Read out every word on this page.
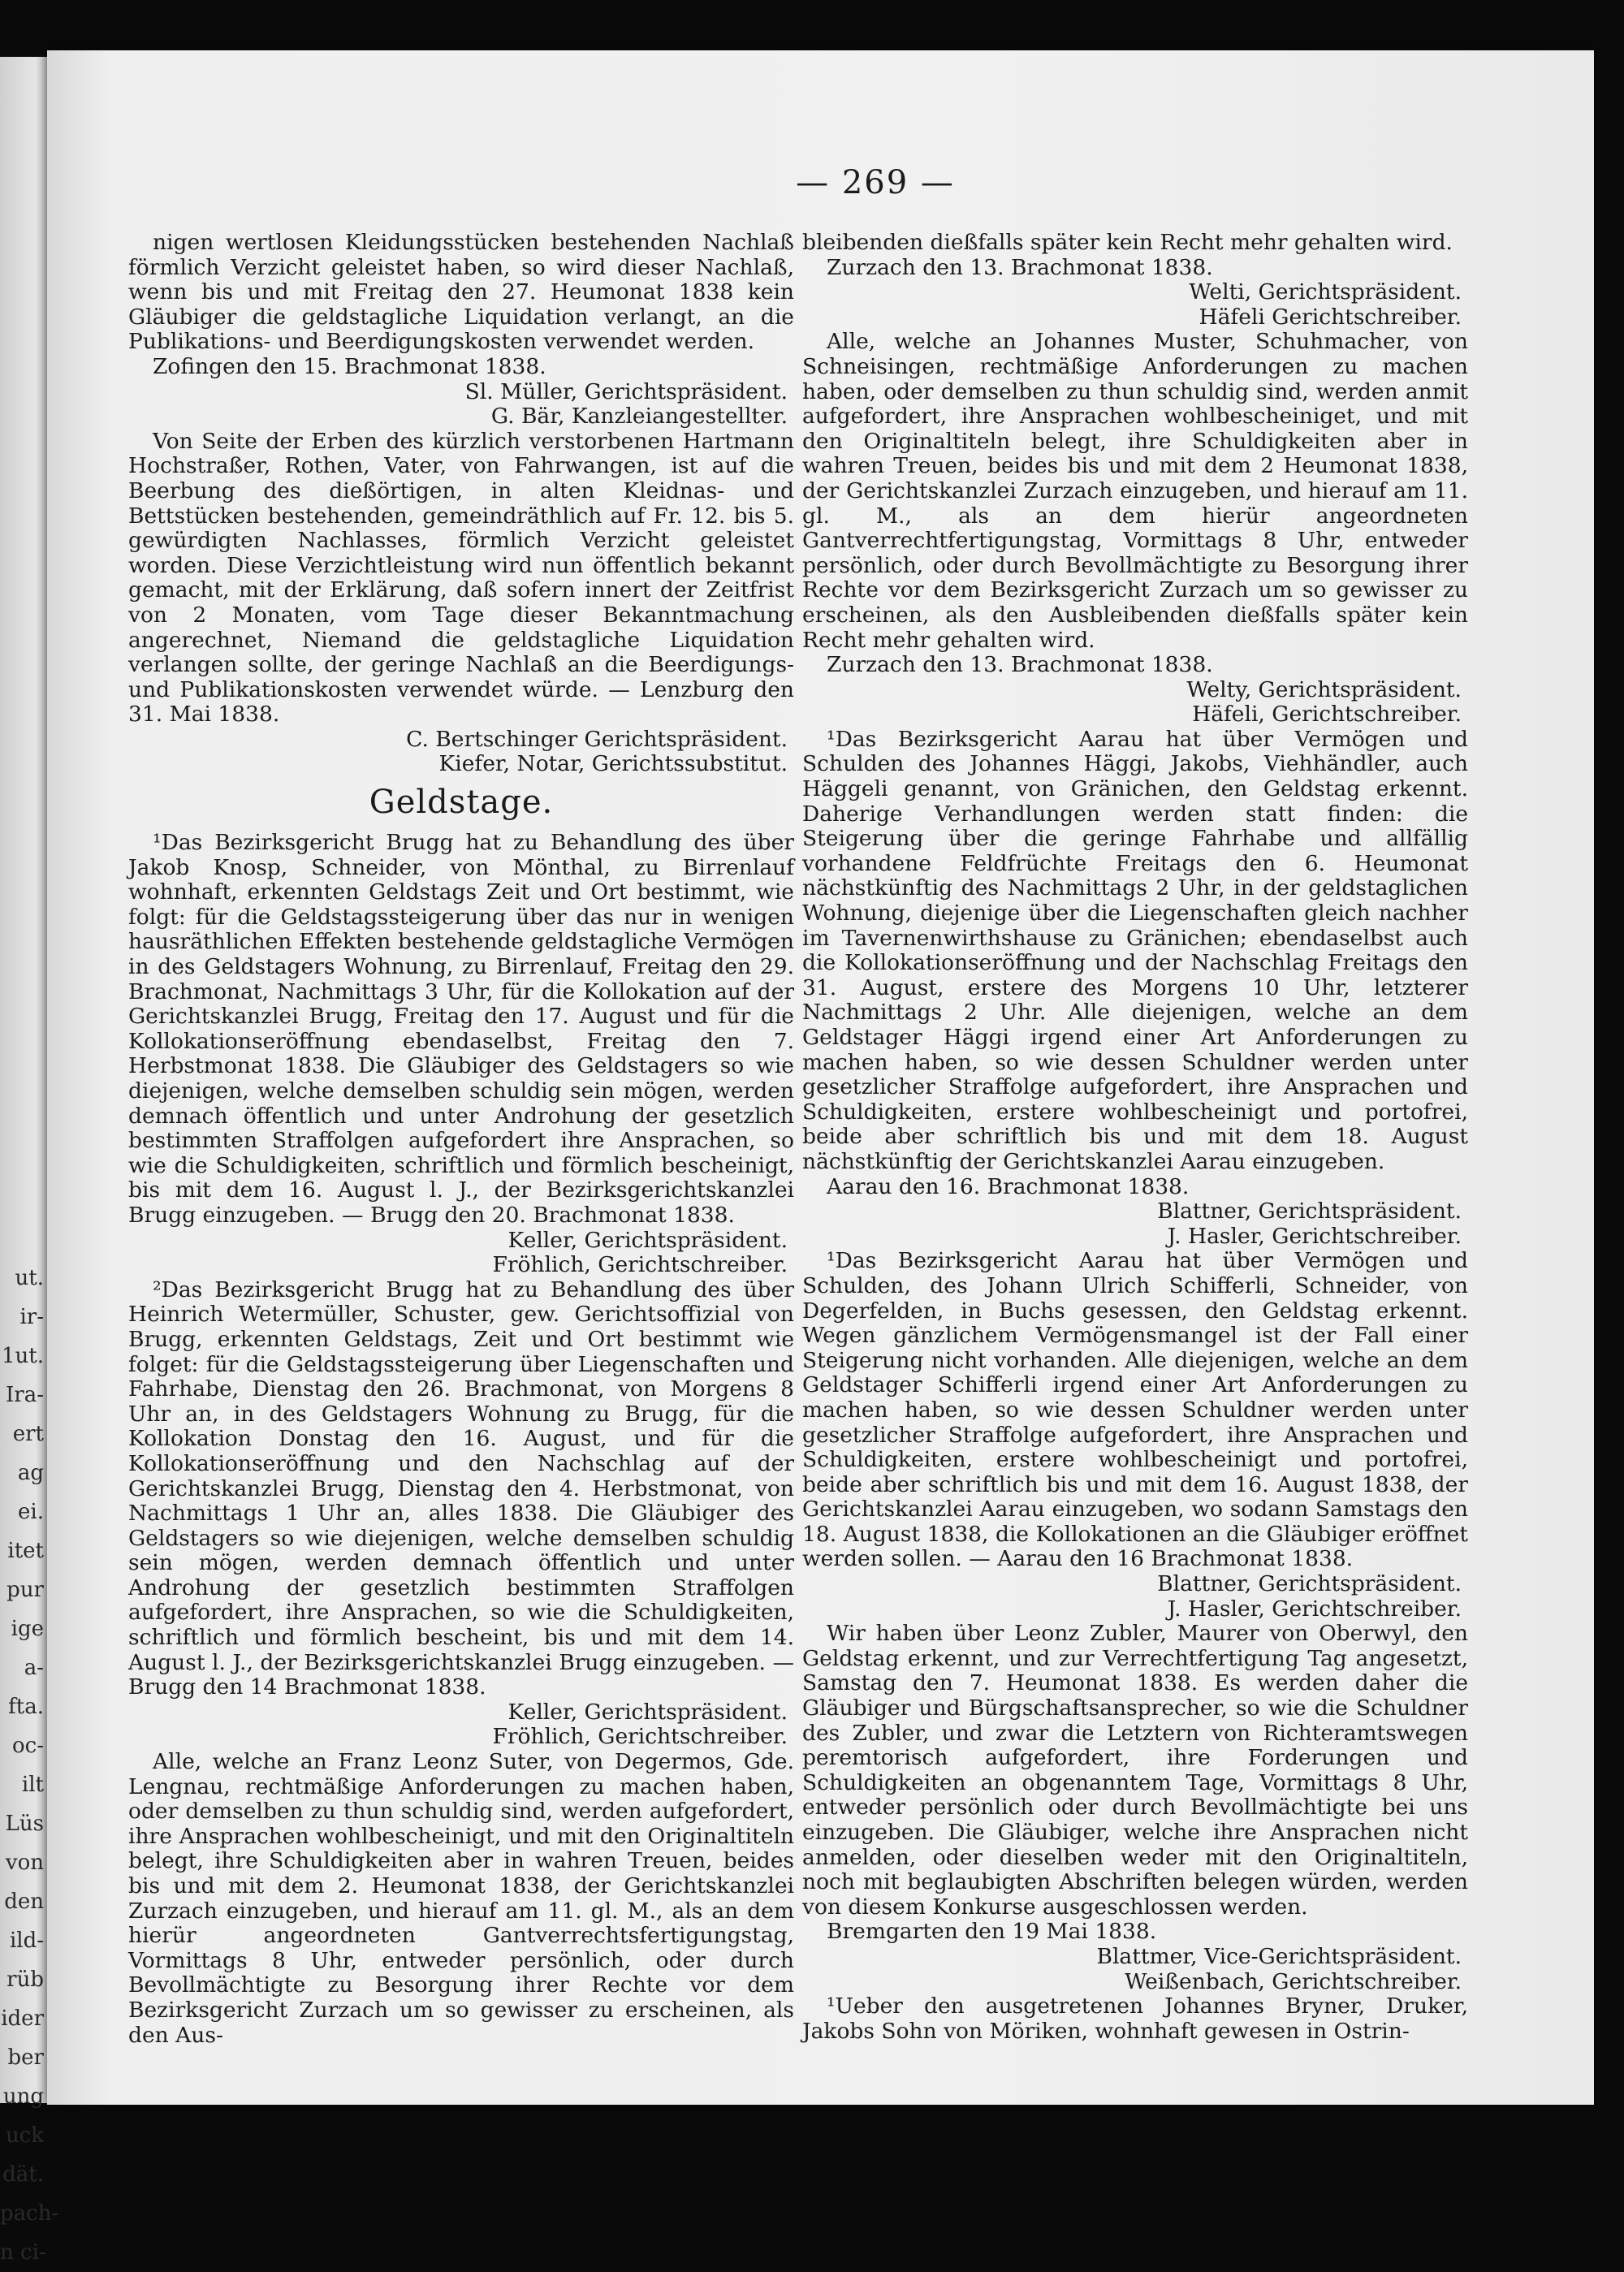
ut.
ir-
1ut.
Ira-
ert
ag
ei.
itet
pur
ige
a-
fta.
oc-
ilt
Lüs
von
den
ild-
rüb
ider
ber
ung
uck
dät.
pach-
n ci-
— 269 —

nigen wertlosen Kleidungsstücken bestehenden Nachlaß förmlich Verzicht geleistet haben, so wird dieser Nachlaß, wenn bis und mit Freitag den 27. Heumonat 1838 kein Gläubiger die geldstagliche Liquidation verlangt, an die Publikations- und Beerdigungskosten verwendet werden.

Zofingen den 15. Brachmonat 1838.

Sl. Müller, Gerichtspräsident.

G. Bär, Kanzleiangestellter.

Von Seite der Erben des kürzlich verstorbenen Hartmann Hochstraßer, Rothen, Vater, von Fahrwangen, ist auf die Beerbung des dießörtigen, in alten Kleidnas- und Bettstücken bestehenden, gemeindräthlich auf Fr. 12. bis 5. gewürdigten Nachlasses, förmlich Verzicht geleistet worden. Diese Verzichtleistung wird nun öffentlich bekannt gemacht, mit der Erklärung, daß sofern innert der Zeitfrist von 2 Monaten, vom Tage dieser Bekanntmachung angerechnet, Niemand die geldstagliche Liquidation verlangen sollte, der geringe Nachlaß an die Beerdigungs- und Publikationskosten verwendet würde. — Lenzburg den 31. Mai 1838.

C. Bertschinger Gerichtspräsident.

Kiefer, Notar, Gerichtssubstitut.

Geldstage.

¹Das Bezirksgericht Brugg hat zu Behandlung des über Jakob Knosp, Schneider, von Mönthal, zu Birrenlauf wohnhaft, erkennten Geldstags Zeit und Ort bestimmt, wie folgt: für die Geldstagssteigerung über das nur in wenigen hausräthlichen Effekten bestehende geldstagliche Vermögen in des Geldstagers Wohnung, zu Birrenlauf, Freitag den 29. Brachmonat, Nachmittags 3 Uhr, für die Kollokation auf der Gerichtskanzlei Brugg, Freitag den 17. August und für die Kollokationseröffnung ebendaselbst, Freitag den 7. Herbstmonat 1838. Die Gläubiger des Geldstagers so wie diejenigen, welche demselben schuldig sein mögen, werden demnach öffentlich und unter Androhung der gesetzlich bestimmten Straffolgen aufgefordert ihre Ansprachen, so wie die Schuldigkeiten, schriftlich und förmlich bescheinigt, bis mit dem 16. August l. J., der Bezirksgerichtskanzlei Brugg einzugeben. — Brugg den 20. Brachmonat 1838.

Keller, Gerichtspräsident.

Fröhlich, Gerichtschreiber.

²Das Bezirksgericht Brugg hat zu Behandlung des über Heinrich Wetermüller, Schuster, gew. Gerichtsoffizial von Brugg, erkennten Geldstags, Zeit und Ort bestimmt wie folget: für die Geldstagssteigerung über Liegenschaften und Fahrhabe, Dienstag den 26. Brachmonat, von Morgens 8 Uhr an, in des Geldstagers Wohnung zu Brugg, für die Kollokation Donstag den 16. August, und für die Kollokationseröffnung und den Nachschlag auf der Gerichtskanzlei Brugg, Dienstag den 4. Herbstmonat, von Nachmittags 1 Uhr an, alles 1838. Die Gläubiger des Geldstagers so wie diejenigen, welche demselben schuldig sein mögen, werden demnach öffentlich und unter Androhung der gesetzlich bestimmten Straffolgen aufgefordert, ihre Ansprachen, so wie die Schuldigkeiten, schriftlich und förmlich bescheint, bis und mit dem 14. August l. J., der Bezirksgerichtskanzlei Brugg einzugeben. — Brugg den 14 Brachmonat 1838.

Keller, Gerichtspräsident.

Fröhlich, Gerichtschreiber.

Alle, welche an Franz Leonz Suter, von Degermos, Gde. Lengnau, rechtmäßige Anforderungen zu machen haben, oder demselben zu thun schuldig sind, werden aufgefordert, ihre Ansprachen wohlbescheinigt, und mit den Originaltiteln belegt, ihre Schuldigkeiten aber in wahren Treuen, beides bis und mit dem 2. Heumonat 1838, der Gerichtskanzlei Zurzach einzugeben, und hierauf am 11. gl. M., als an dem hierür angeordneten Gantverrechtsfertigungstag, Vormittags 8 Uhr, entweder persönlich, oder durch Bevollmächtigte zu Besorgung ihrer Rechte vor dem Bezirksgericht Zurzach um so gewisser zu erscheinen, als den Aus-

bleibenden dießfalls später kein Recht mehr gehalten wird.

Zurzach den 13. Brachmonat 1838.

Welti, Gerichtspräsident.

Häfeli Gerichtschreiber.

Alle, welche an Johannes Muster, Schuhmacher, von Schneisingen, rechtmäßige Anforderungen zu machen haben, oder demselben zu thun schuldig sind, werden anmit aufgefordert, ihre Ansprachen wohlbescheiniget, und mit den Originaltiteln belegt, ihre Schuldigkeiten aber in wahren Treuen, beides bis und mit dem 2 Heumonat 1838, der Gerichtskanzlei Zurzach einzugeben, und hierauf am 11. gl. M., als an dem hierür angeordneten Gantverrechtfertigungstag, Vormittags 8 Uhr, entweder persönlich, oder durch Bevollmächtigte zu Besorgung ihrer Rechte vor dem Bezirksgericht Zurzach um so gewisser zu erscheinen, als den Ausbleibenden dießfalls später kein Recht mehr gehalten wird.

Zurzach den 13. Brachmonat 1838.

Welty, Gerichtspräsident.

Häfeli, Gerichtschreiber.

¹Das Bezirksgericht Aarau hat über Vermögen und Schulden des Johannes Häggi, Jakobs, Viehhändler, auch Häggeli genannt, von Gränichen, den Geldstag erkennt. Daherige Verhandlungen werden statt finden: die Steigerung über die geringe Fahrhabe und allfällig vorhandene Feldfrüchte Freitags den 6. Heumonat nächstkünftig des Nachmittags 2 Uhr, in der geldstaglichen Wohnung, diejenige über die Liegenschaften gleich nachher im Tavernenwirthshause zu Gränichen; ebendaselbst auch die Kollokationseröffnung und der Nachschlag Freitags den 31. August, erstere des Morgens 10 Uhr, letzterer Nachmittags 2 Uhr. Alle diejenigen, welche an dem Geldstager Häggi irgend einer Art Anforderungen zu machen haben, so wie dessen Schuldner werden unter gesetzlicher Straffolge aufgefordert, ihre Ansprachen und Schuldigkeiten, erstere wohlbescheinigt und portofrei, beide aber schriftlich bis und mit dem 18. August nächstkünftig der Gerichtskanzlei Aarau einzugeben.

Aarau den 16. Brachmonat 1838.

Blattner, Gerichtspräsident.

J. Hasler, Gerichtschreiber.

¹Das Bezirksgericht Aarau hat über Vermögen und Schulden, des Johann Ulrich Schifferli, Schneider, von Degerfelden, in Buchs gesessen, den Geldstag erkennt. Wegen gänzlichem Vermögensmangel ist der Fall einer Steigerung nicht vorhanden. Alle diejenigen, welche an dem Geldstager Schifferli irgend einer Art Anforderungen zu machen haben, so wie dessen Schuldner werden unter gesetzlicher Straffolge aufgefordert, ihre Ansprachen und Schuldigkeiten, erstere wohlbescheinigt und portofrei, beide aber schriftlich bis und mit dem 16. August 1838, der Gerichtskanzlei Aarau einzugeben, wo sodann Samstags den 18. August 1838, die Kollokationen an die Gläubiger eröffnet werden sollen. — Aarau den 16 Brachmonat 1838.

Blattner, Gerichtspräsident.

J. Hasler, Gerichtschreiber.

Wir haben über Leonz Zubler, Maurer von Oberwyl, den Geldstag erkennt, und zur Verrechtfertigung Tag angesetzt, Samstag den 7. Heumonat 1838. Es werden daher die Gläubiger und Bürgschaftsansprecher, so wie die Schuldner des Zubler, und zwar die Letztern von Richteramtswegen peremtorisch aufgefordert, ihre Forderungen und Schuldigkeiten an obgenanntem Tage, Vormittags 8 Uhr, entweder persönlich oder durch Bevollmächtigte bei uns einzugeben. Die Gläubiger, welche ihre Ansprachen nicht anmelden, oder dieselben weder mit den Originaltiteln, noch mit beglaubigten Abschriften belegen würden, werden von diesem Konkurse ausgeschlossen werden.

Bremgarten den 19 Mai 1838.

Blattmer, Vice-Gerichtspräsident.

Weißenbach, Gerichtschreiber.

¹Ueber den ausgetretenen Johannes Bryner, Druker, Jakobs Sohn von Möriken, wohnhaft gewesen in Ostrin-
